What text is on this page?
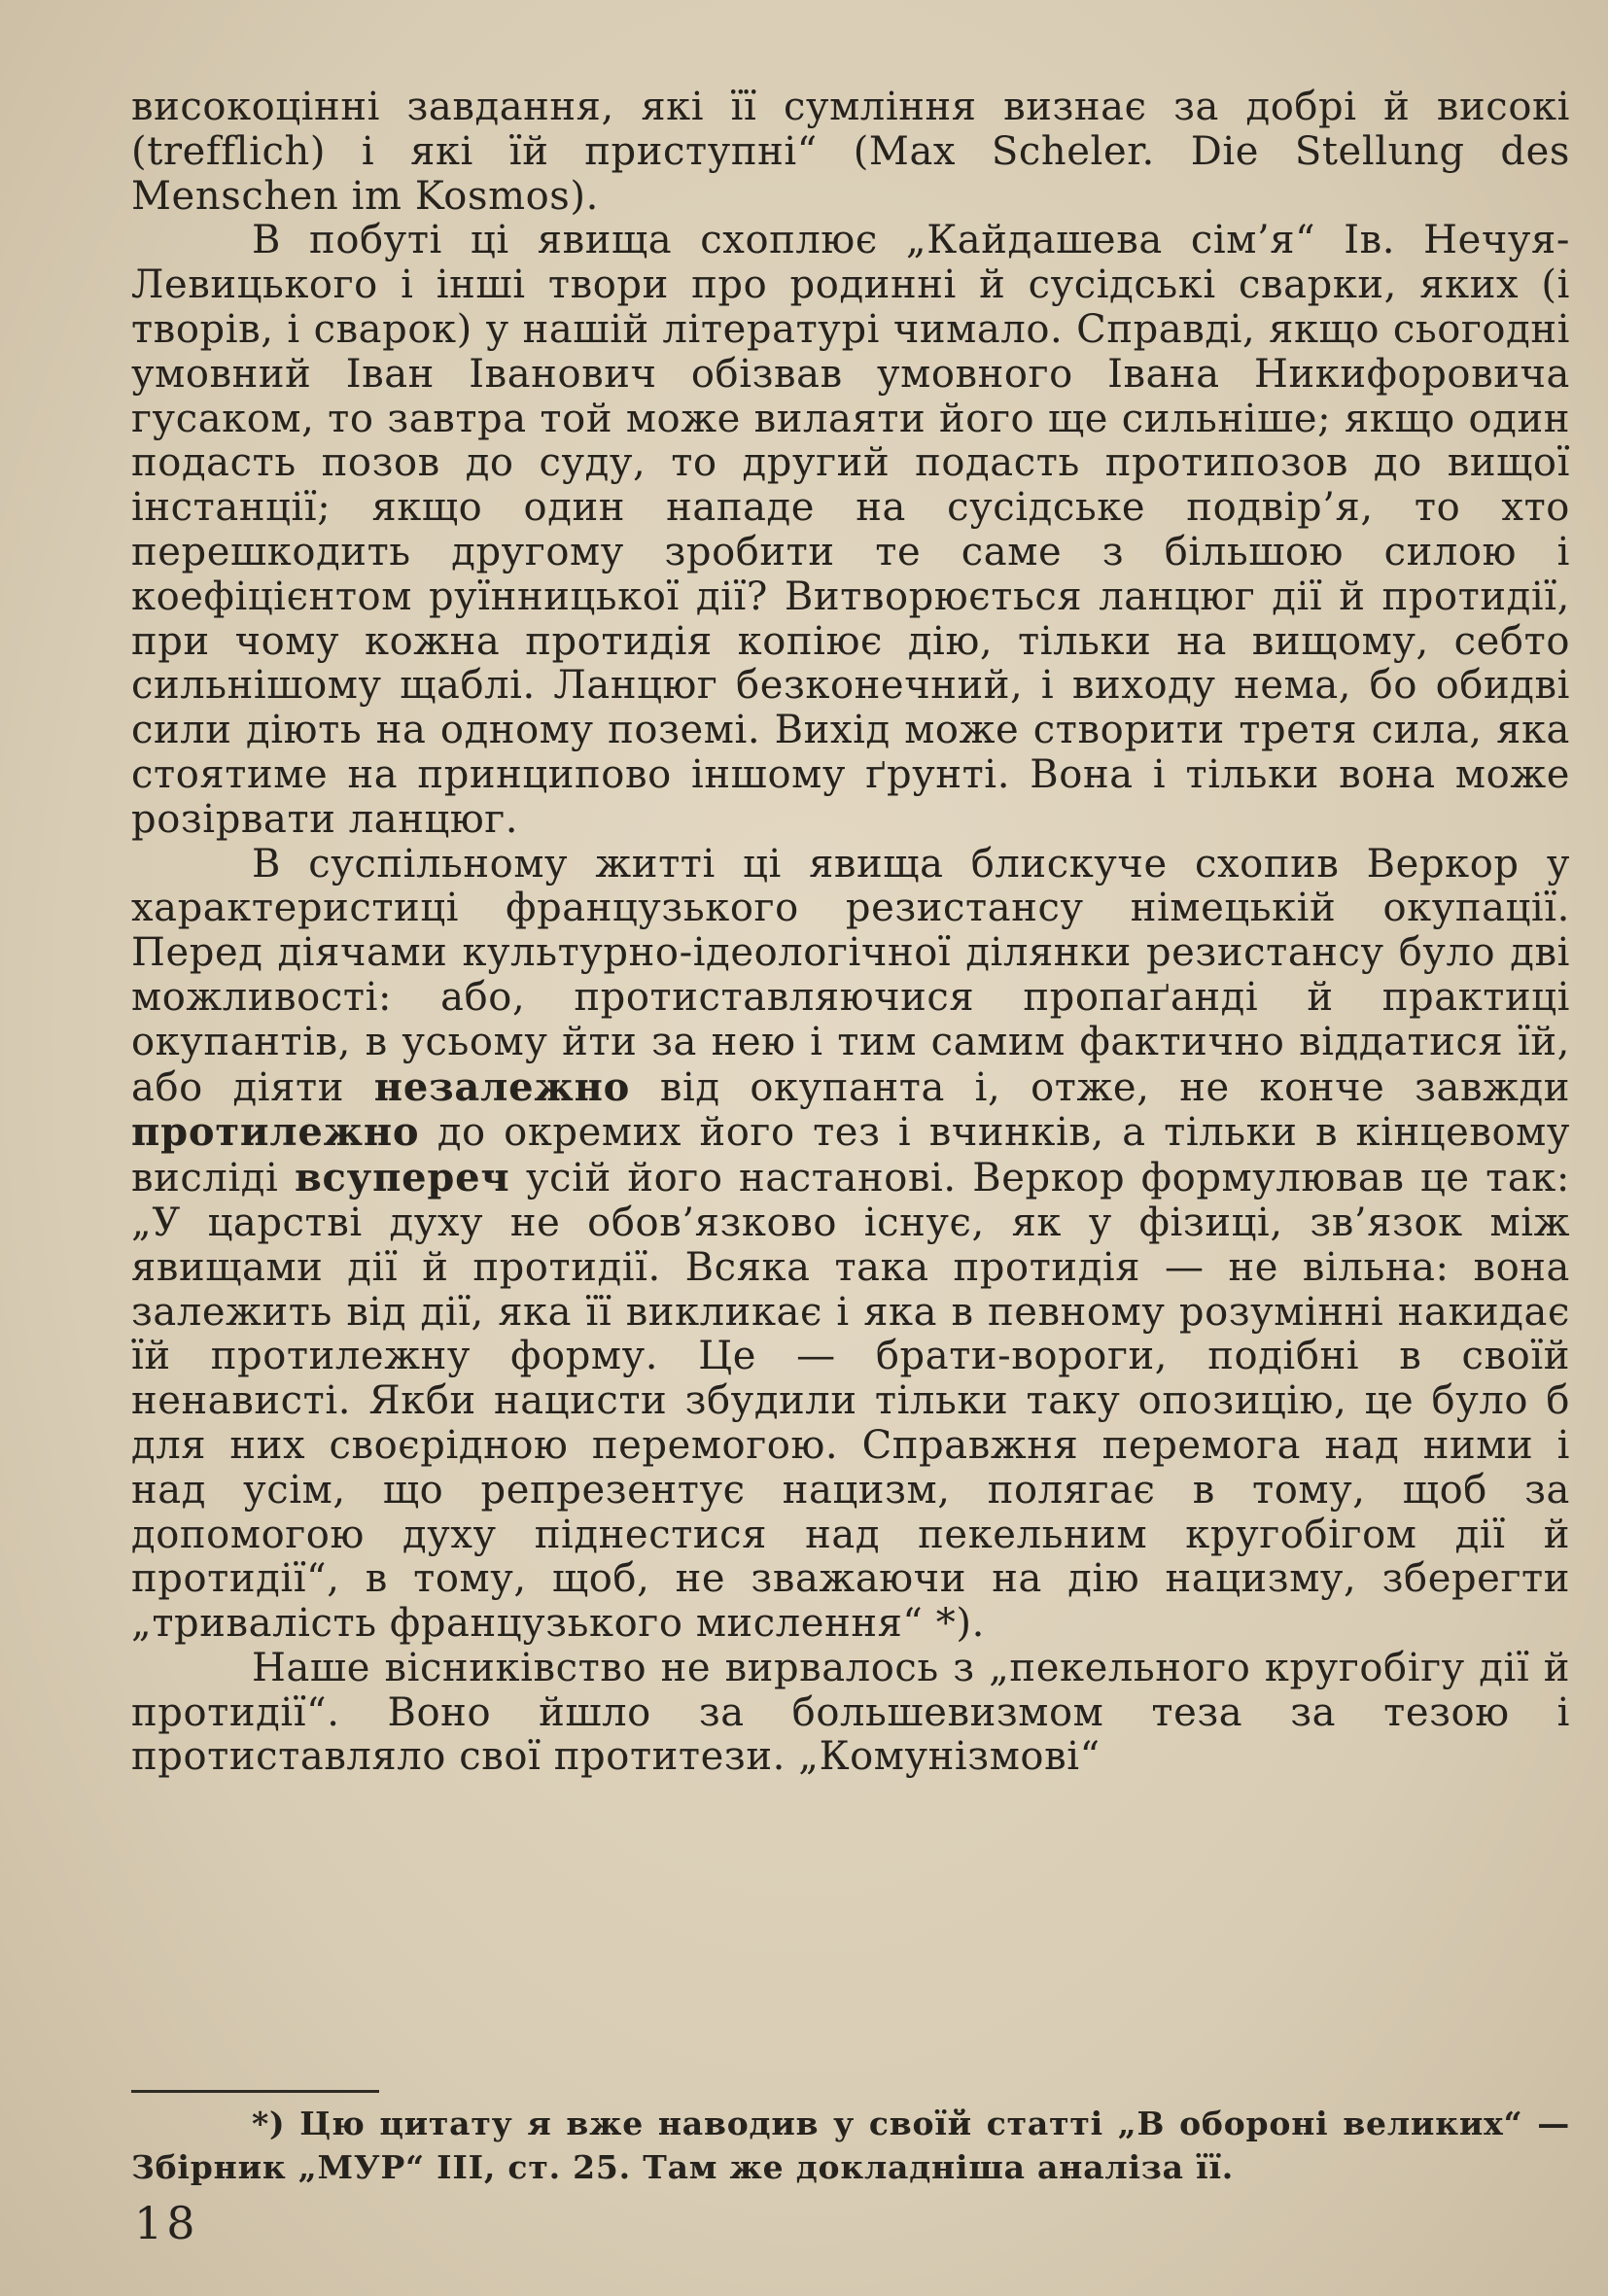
високоцінні завдання, які її сумління визнає за добрі й високі (trefflich) і які їй приступні“ (Max Scheler. Die Stellung des Menschen im Kosmos).

В побуті ці явища схоплює „Кайдашева сім’я“ Ів. Нечуя-Левицького і інші твори про родинні й сусідські сварки, яких (і творів, і сварок) у нашій літературі чимало. Справді, якщо сьогодні умовний Іван Іванович обізвав умовного Івана Никифоровича гусаком, то завтра той може вилаяти його ще сильніше; якщо один подасть позов до суду, то другий подасть протипозов до вищої інстанції; якщо один нападе на сусідське подвір’я, то хто перешкодить другому зробити те саме з більшою силою і коефіцієнтом руїнницької дії? Витворюється ланцюг дії й протидії, при чому кожна протидія копіює дію, тільки на вищому, себто сильнішому щаблі. Ланцюг безконечний, і виходу нема, бо обидві сили діють на одному поземі. Вихід може створити третя сила, яка стоятиме на принципово іншому ґрунті. Вона і тільки вона може розірвати ланцюг.

В суспільному житті ці явища блискуче схопив Веркор у характеристиці французького резистансу німецькій окупації. Перед діячами культурно-ідеологічної ділянки резистансу було дві можливості: або, протиставляючися пропаґанді й практиці окупантів, в усьому йти за нею і тим самим фактично віддатися їй, або діяти незалежно від окупанта і, отже, не конче завжди протилежно до окремих його тез і вчинків, а тільки в кінцевому висліді всупереч усій його настанові. Веркор формулював це так: „У царстві духу не обов’язково існує, як у фізиці, зв’язок між явищами дії й протидії. Всяка така протидія — не вільна: вона залежить від дії, яка її викликає і яка в певному розумінні накидає їй протилежну форму. Це — брати-вороги, подібні в своїй ненависті. Якби нацисти збудили тільки таку опозицію, це було б для них своєрідною перемогою. Справжня перемога над ними і над усім, що репрезентує нацизм, полягає в тому, щоб за допомогою духу піднестися над пекельним кругобігом дії й протидії“, в тому, щоб, не зважаючи на дію нацизму, зберегти „тривалість французького мислення“ *).

Наше вісниківство не вирвалось з „пекельного кругобігу дії й протидії“. Воно йшло за большевизмом теза за тезою і протиставляло свої протитези. „Комунізмові“

*) Цю цитату я вже наводив у своїй статті „В обороні великих“ — Збірник „МУР“ III, ст. 25. Там же докладніша аналіза її.

18
